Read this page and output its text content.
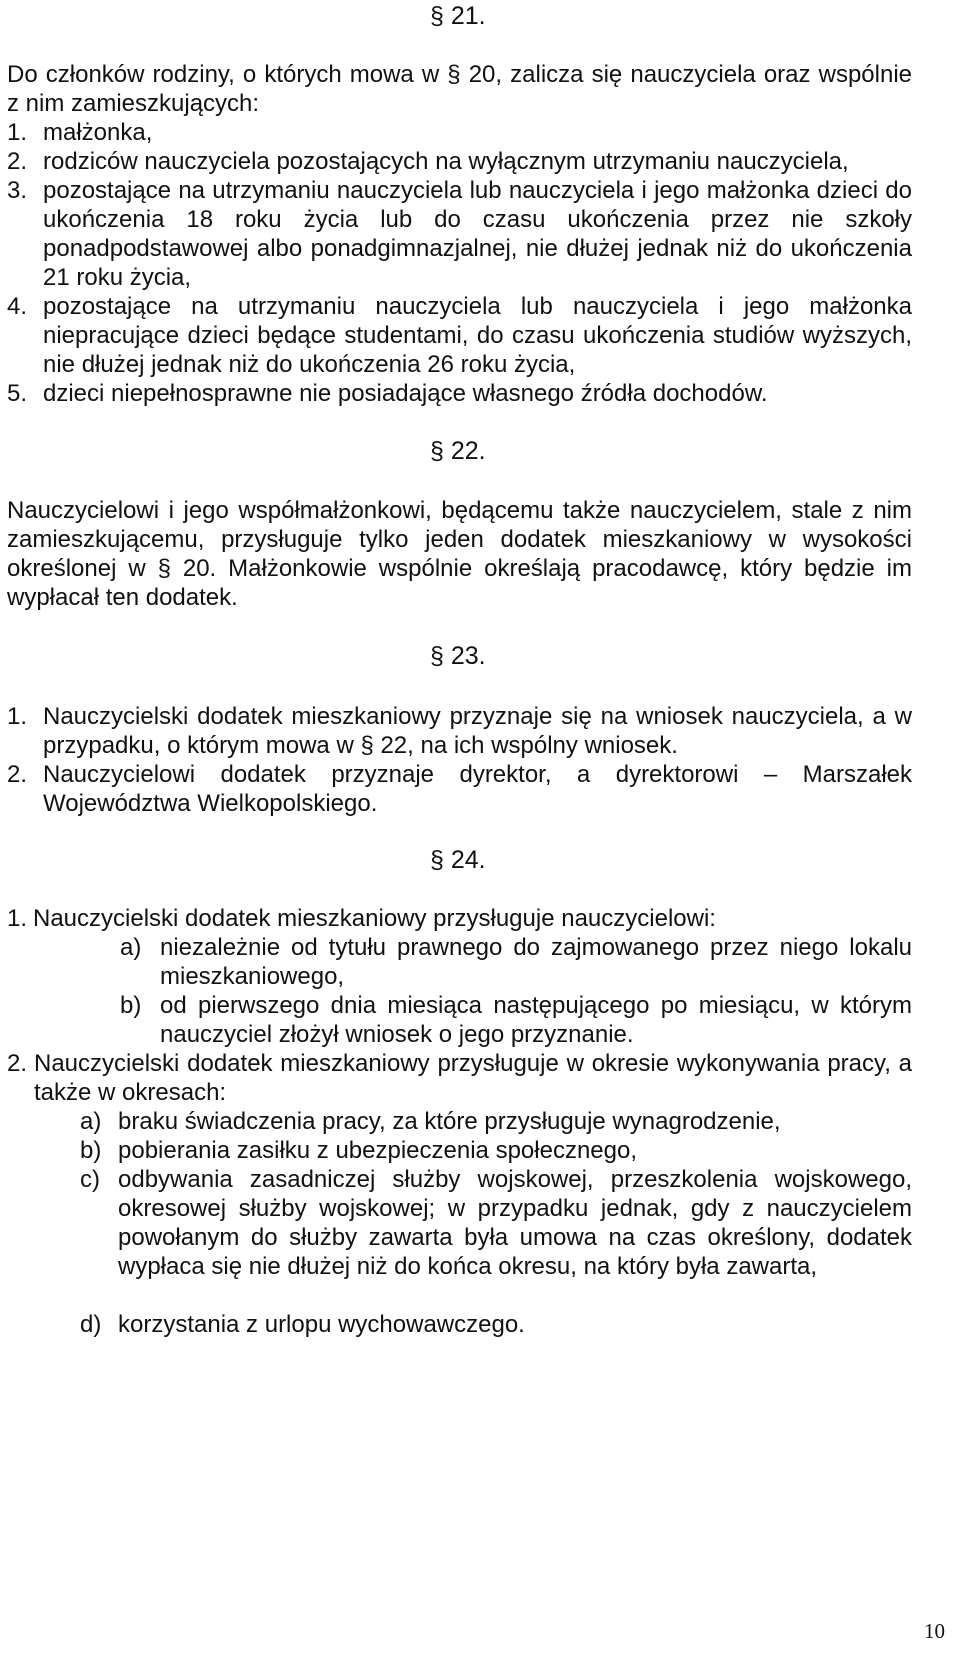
§ 21.
Do członków rodziny, o których mowa w § 20, zalicza się nauczyciela oraz wspólnie z nim zamieszkujących:
1. małżonka,
2. rodziców nauczyciela pozostających na wyłącznym utrzymaniu nauczyciela,
3. pozostające na utrzymaniu nauczyciela lub nauczyciela i jego małżonka dzieci do ukończenia 18 roku życia lub do czasu ukończenia przez nie szkoły ponadpodstawowej albo ponadgimnazjalnej, nie dłużej jednak niż do ukończenia 21 roku życia,
4. pozostające na utrzymaniu nauczyciela lub nauczyciela i jego małżonka niepracujące dzieci będące studentami, do czasu ukończenia studiów wyższych, nie dłużej jednak niż do ukończenia 26 roku życia,
5. dzieci niepełnosprawne nie posiadające własnego źródła dochodów.
§ 22.
Nauczycielowi i jego współmałżonkowi, będącemu także nauczycielem, stale z nim zamieszkującemu, przysługuje tylko jeden dodatek mieszkaniowy w wysokości określonej w § 20. Małżonkowie wspólnie określają pracodawcę, który będzie im wypłacał ten dodatek.
§ 23.
1. Nauczycielski dodatek mieszkaniowy przyznaje się na wniosek nauczyciela, a w przypadku, o którym mowa w § 22, na ich wspólny wniosek.
2. Nauczycielowi dodatek przyznaje dyrektor, a dyrektorowi – Marszałek Województwa Wielkopolskiego.
§ 24.
1. Nauczycielski dodatek mieszkaniowy przysługuje nauczycielowi:
a) niezależnie od tytułu prawnego do zajmowanego przez niego lokalu mieszkaniowego,
b) od pierwszego dnia miesiąca następującego po miesiącu, w którym nauczyciel złożył wniosek o jego przyznanie.
2. Nauczycielski dodatek mieszkaniowy przysługuje w okresie wykonywania pracy, a także w okresach:
a) braku świadczenia pracy, za które przysługuje wynagrodzenie,
b) pobierania zasiłku z ubezpieczenia społecznego,
c) odbywania zasadniczej służby wojskowej, przeszkolenia wojskowego, okresowej służby wojskowej; w przypadku jednak, gdy z nauczycielem powołanym do służby zawarta była umowa na czas określony, dodatek wypłaca się nie dłużej niż do końca okresu, na który była zawarta,
d) korzystania z urlopu wychowawczego.
10
